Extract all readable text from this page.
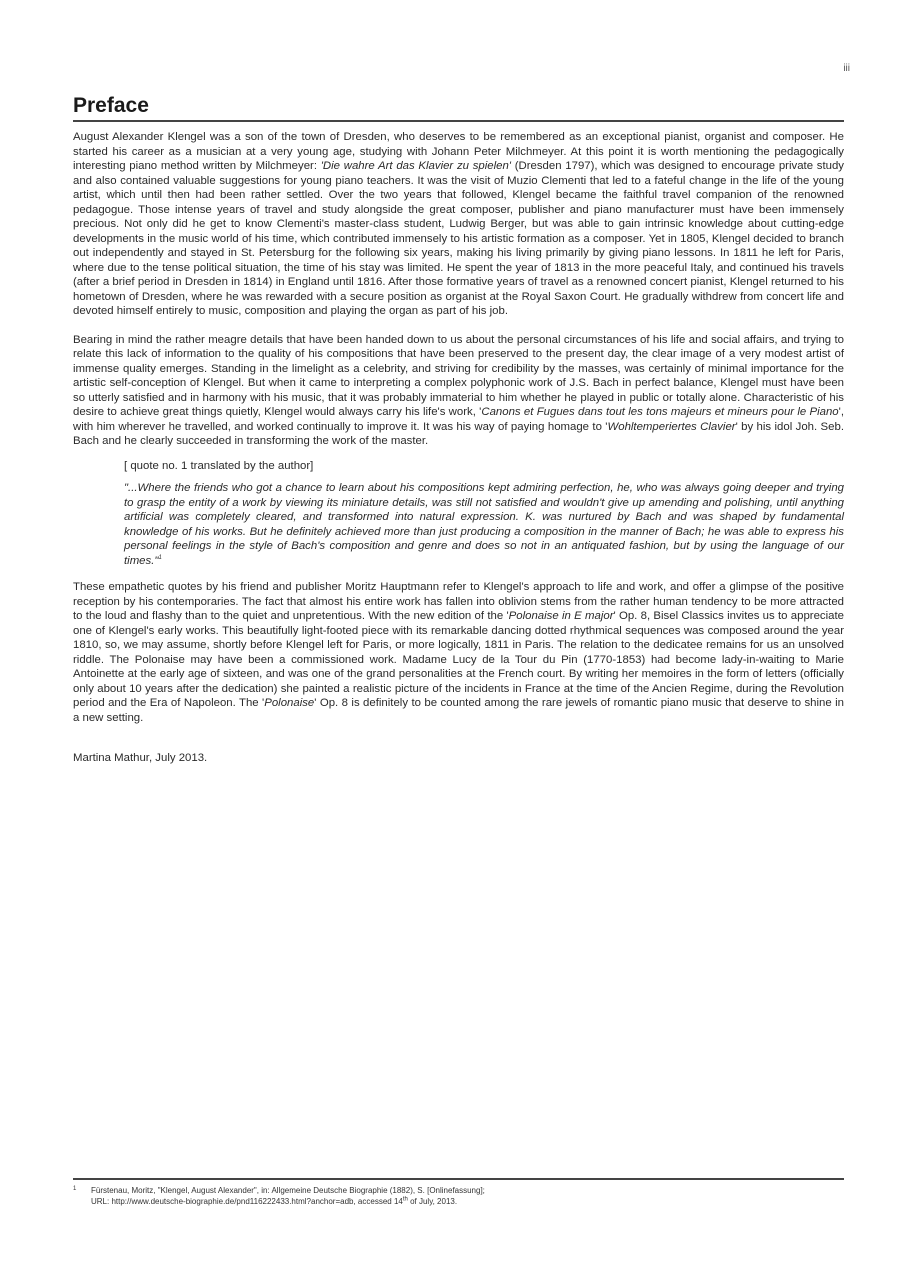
iii
Preface

August Alexander Klengel was a son of the town of Dresden, who deserves to be remembered as an exceptional pianist, organist and composer. He started his career as a musician at a very young age, studying with Johann Peter Milchmeyer. At this point it is worth mentioning the pedagogically interesting piano method written by Milchmeyer: 'Die wahre Art das Klavier zu spielen' (Dresden 1797), which was designed to encourage private study and also contained valuable suggestions for young piano teachers. It was the visit of Muzio Clementi that led to a fateful change in the life of the young artist, which until then had been rather settled. Over the two years that followed, Klengel became the faithful travel companion of the renowned pedagogue. Those intense years of travel and study alongside the great composer, publisher and piano manufacturer must have been immensely precious. Not only did he get to know Clementi's master-class student, Ludwig Berger, but was able to gain intrinsic knowledge about cutting-edge developments in the music world of his time, which contributed immensely to his artistic formation as a composer. Yet in 1805, Klengel decided to branch out independently and stayed in St. Petersburg for the following six years, making his living primarily by giving piano lessons. In 1811 he left for Paris, where due to the tense political situation, the time of his stay was limited. He spent the year of 1813 in the more peaceful Italy, and continued his travels (after a brief period in Dresden in 1814) in England until 1816. After those formative years of travel as a renowned concert pianist, Klengel returned to his hometown of Dresden, where he was rewarded with a secure position as organist at the Royal Saxon Court. He gradually withdrew from concert life and devoted himself entirely to music, composition and playing the organ as part of his job.

Bearing in mind the rather meagre details that have been handed down to us about the personal circumstances of his life and social affairs, and trying to relate this lack of information to the quality of his compositions that have been preserved to the present day, the clear image of a very modest artist of immense quality emerges. Standing in the limelight as a celebrity, and striving for credibility by the masses, was certainly of minimal importance for the artistic self-conception of Klengel. But when it came to interpreting a complex polyphonic work of J.S. Bach in perfect balance, Klengel must have been so utterly satisfied and in harmony with his music, that it was probably immaterial to him whether he played in public or totally alone. Characteristic of his desire to achieve great things quietly, Klengel would always carry his life's work, 'Canons et Fugues dans tout les tons majeurs et mineurs pour le Piano', with him wherever he travelled, and worked continually to improve it. It was his way of paying homage to 'Wohltemperiertes Clavier' by his idol Joh. Seb. Bach and he clearly succeeded in transforming the work of the master.

[ quote no. 1 translated by the author]

"...Where the friends who got a chance to learn about his compositions kept admiring perfection, he, who was always going deeper and trying to grasp the entity of a work by viewing its miniature details, was still not satisfied and wouldn't give up amending and polishing, until anything artificial was completely cleared, and transformed into natural expression. K. was nurtured by Bach and was shaped by fundamental knowledge of his works. But he definitely achieved more than just producing a composition in the manner of Bach; he was able to express his personal feelings in the style of Bach's composition and genre and does so not in an antiquated fashion, but by using the language of our times."$^1$

These empathetic quotes by his friend and publisher Moritz Hauptmann refer to Klengel's approach to life and work, and offer a glimpse of the positive reception by his contemporaries. The fact that almost his entire work has fallen into oblivion stems from the rather human tendency to be more attracted to the loud and flashy than to the quiet and unpretentious. With the new edition of the 'Polonaise in E major' Op. 8, Bisel Classics invites us to appreciate one of Klengel's early works. This beautifully light-footed piece with its remarkable dancing dotted rhythmical sequences was composed around the year 1810, so, we may assume, shortly before Klengel left for Paris, or more logically, 1811 in Paris. The relation to the dedicatee remains for us an unsolved riddle. The Polonaise may have been a commissioned work. Madame Lucy de la Tour du Pin (1770-1853) had become lady-in-waiting to Marie Antoinette at the early age of sixteen, and was one of the grand personalities at the French court. By writing her memoires in the form of letters (officially only about 10 years after the dedication) she painted a realistic picture of the incidents in France at the time of the Ancien Regime, during the Revolution period and the Era of Napoleon. The 'Polonaise' Op. 8 is definitely to be counted among the rare jewels of romantic piano music that deserve to shine in a new setting.

Martina Mathur, July 2013.

1 Fürstenau, Moritz, "Klengel, August Alexander", in: Allgemeine Deutsche Biographie (1882), S. [Onlinefassung];
URL: http://www.deutsche-biographie.de/pnd116222433.html?anchor=adb, accessed 14th of July, 2013.
